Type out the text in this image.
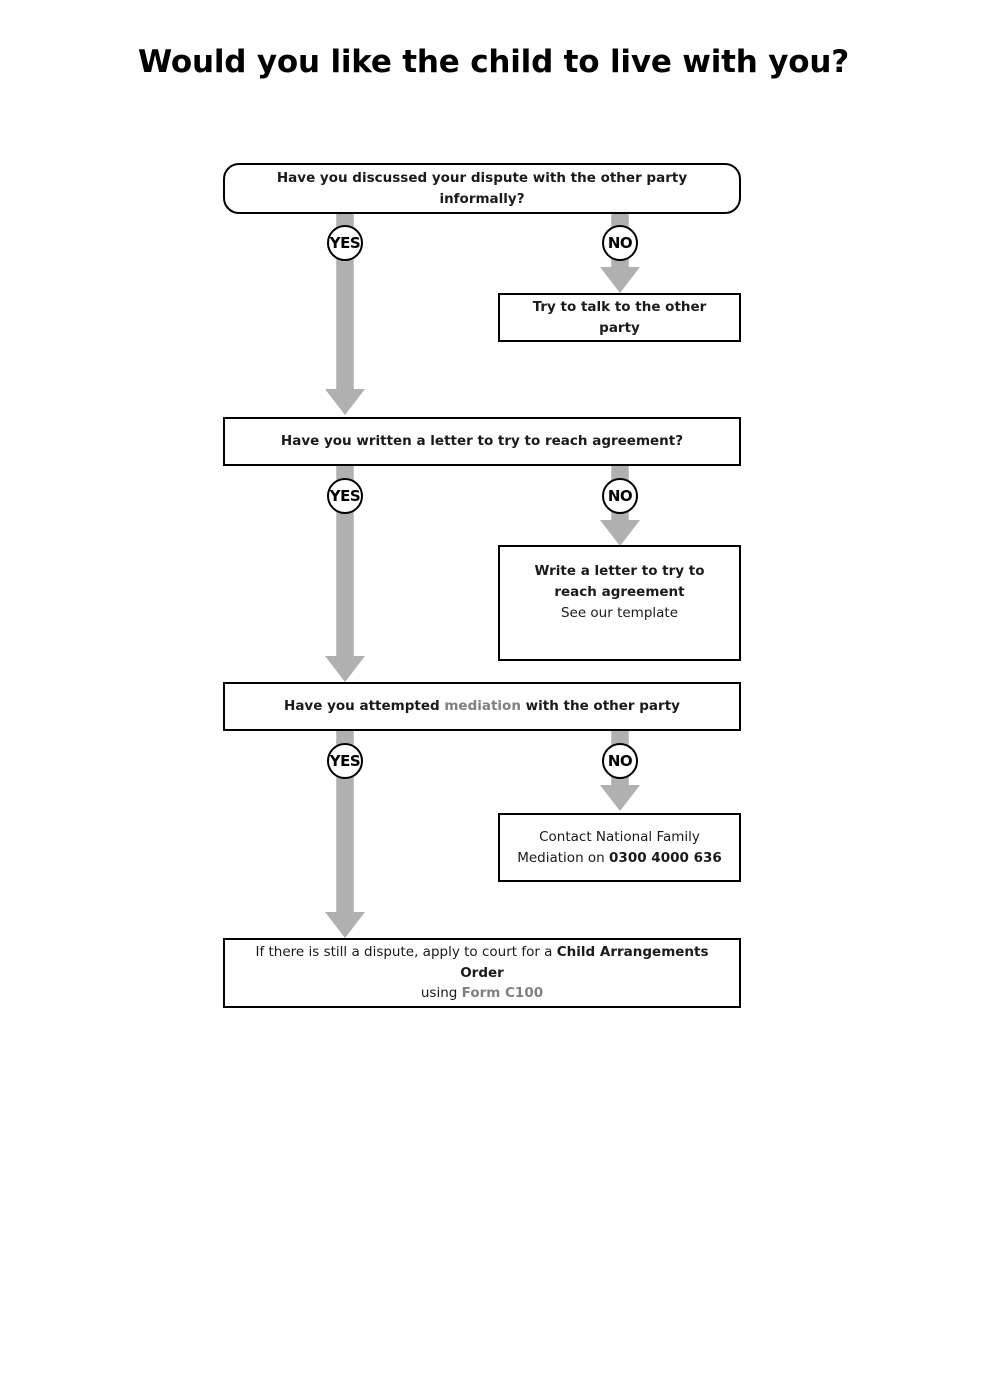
Would you like the child to live with you?
Have you discussed your dispute with the other party informally?
YES	NO
Try to talk to the other party
Have you written a letter to try to reach agreement?
YES	NO
Write a letter to try to reach agreement
See our template
Have you attempted mediation with the other party
YES	NO
Contact National Family Mediation on 0300 4000 636
If there is still a dispute, apply to court for a Child Arrangements Order
using Form C100
